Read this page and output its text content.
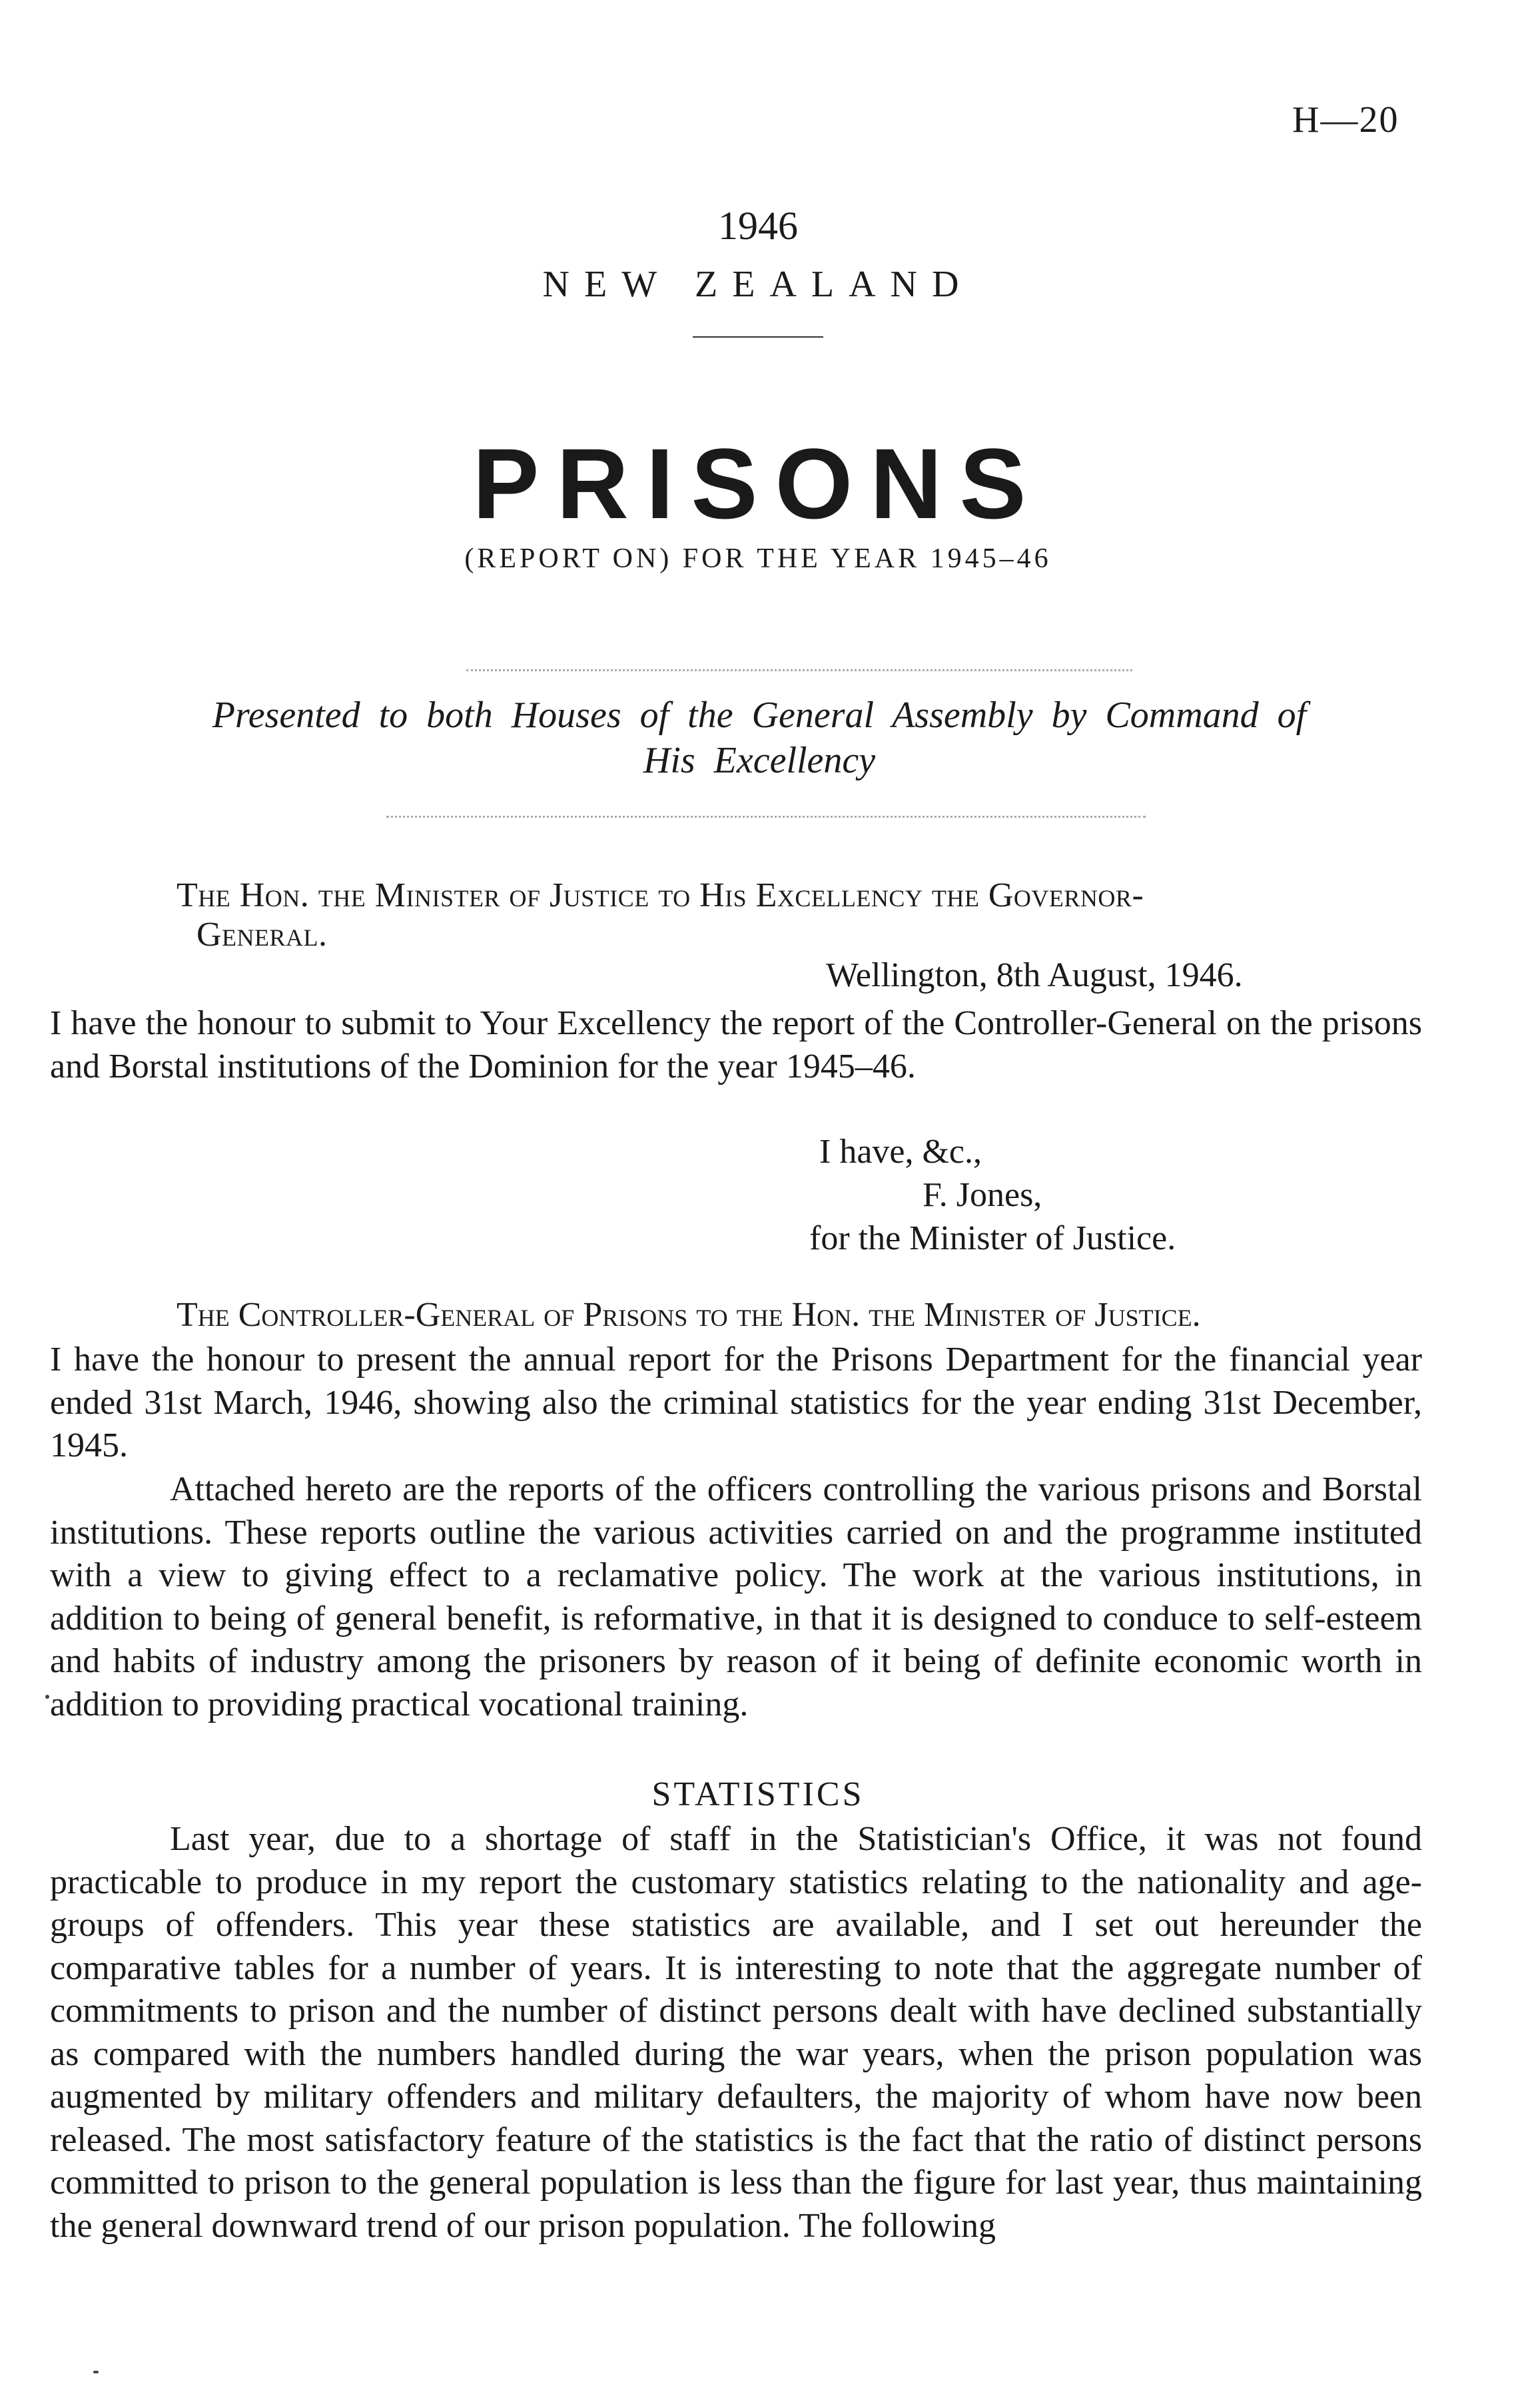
H—20
1946
NEW ZEALAND
PRISONS
(REPORT ON) FOR THE YEAR 1945–46
Presented to both Houses of the General Assembly by Command of
His Excellency
The Hon. the Minister of Justice to His Excellency the Governor-
General.
Wellington, 8th August, 1946.
I have the honour to submit to Your Excellency the report of the Controller-General on the prisons and Borstal institutions of the Dominion for the year 1945–46.
I have, &c.,
F. Jones,
for the Minister of Justice.
The Controller-General of Prisons to the Hon. the Minister of Justice.
I have the honour to present the annual report for the Prisons Department for the financial year ended 31st March, 1946, showing also the criminal statistics for the year ending 31st December, 1945.
Attached hereto are the reports of the officers controlling the various prisons and Borstal institutions. These reports outline the various activities carried on and the programme instituted with a view to giving effect to a reclamative policy. The work at the various institutions, in addition to being of general benefit, is reformative, in that it is designed to conduce to self-esteem and habits of industry among the prisoners by reason of it being of definite economic worth in addition to providing practical vocational training.
STATISTICS
Last year, due to a shortage of staff in the Statistician's Office, it was not found practicable to produce in my report the customary statistics relating to the nationality and age-groups of offenders. This year these statistics are available, and I set out hereunder the comparative tables for a number of years. It is interesting to note that the aggregate number of commitments to prison and the number of distinct persons dealt with have declined substantially as compared with the numbers handled during the war years, when the prison population was augmented by military offenders and military defaulters, the majority of whom have now been released. The most satisfactory feature of the statistics is the fact that the ratio of distinct persons committed to prison to the general population is less than the figure for last year, thus maintaining the general downward trend of our prison population. The following
